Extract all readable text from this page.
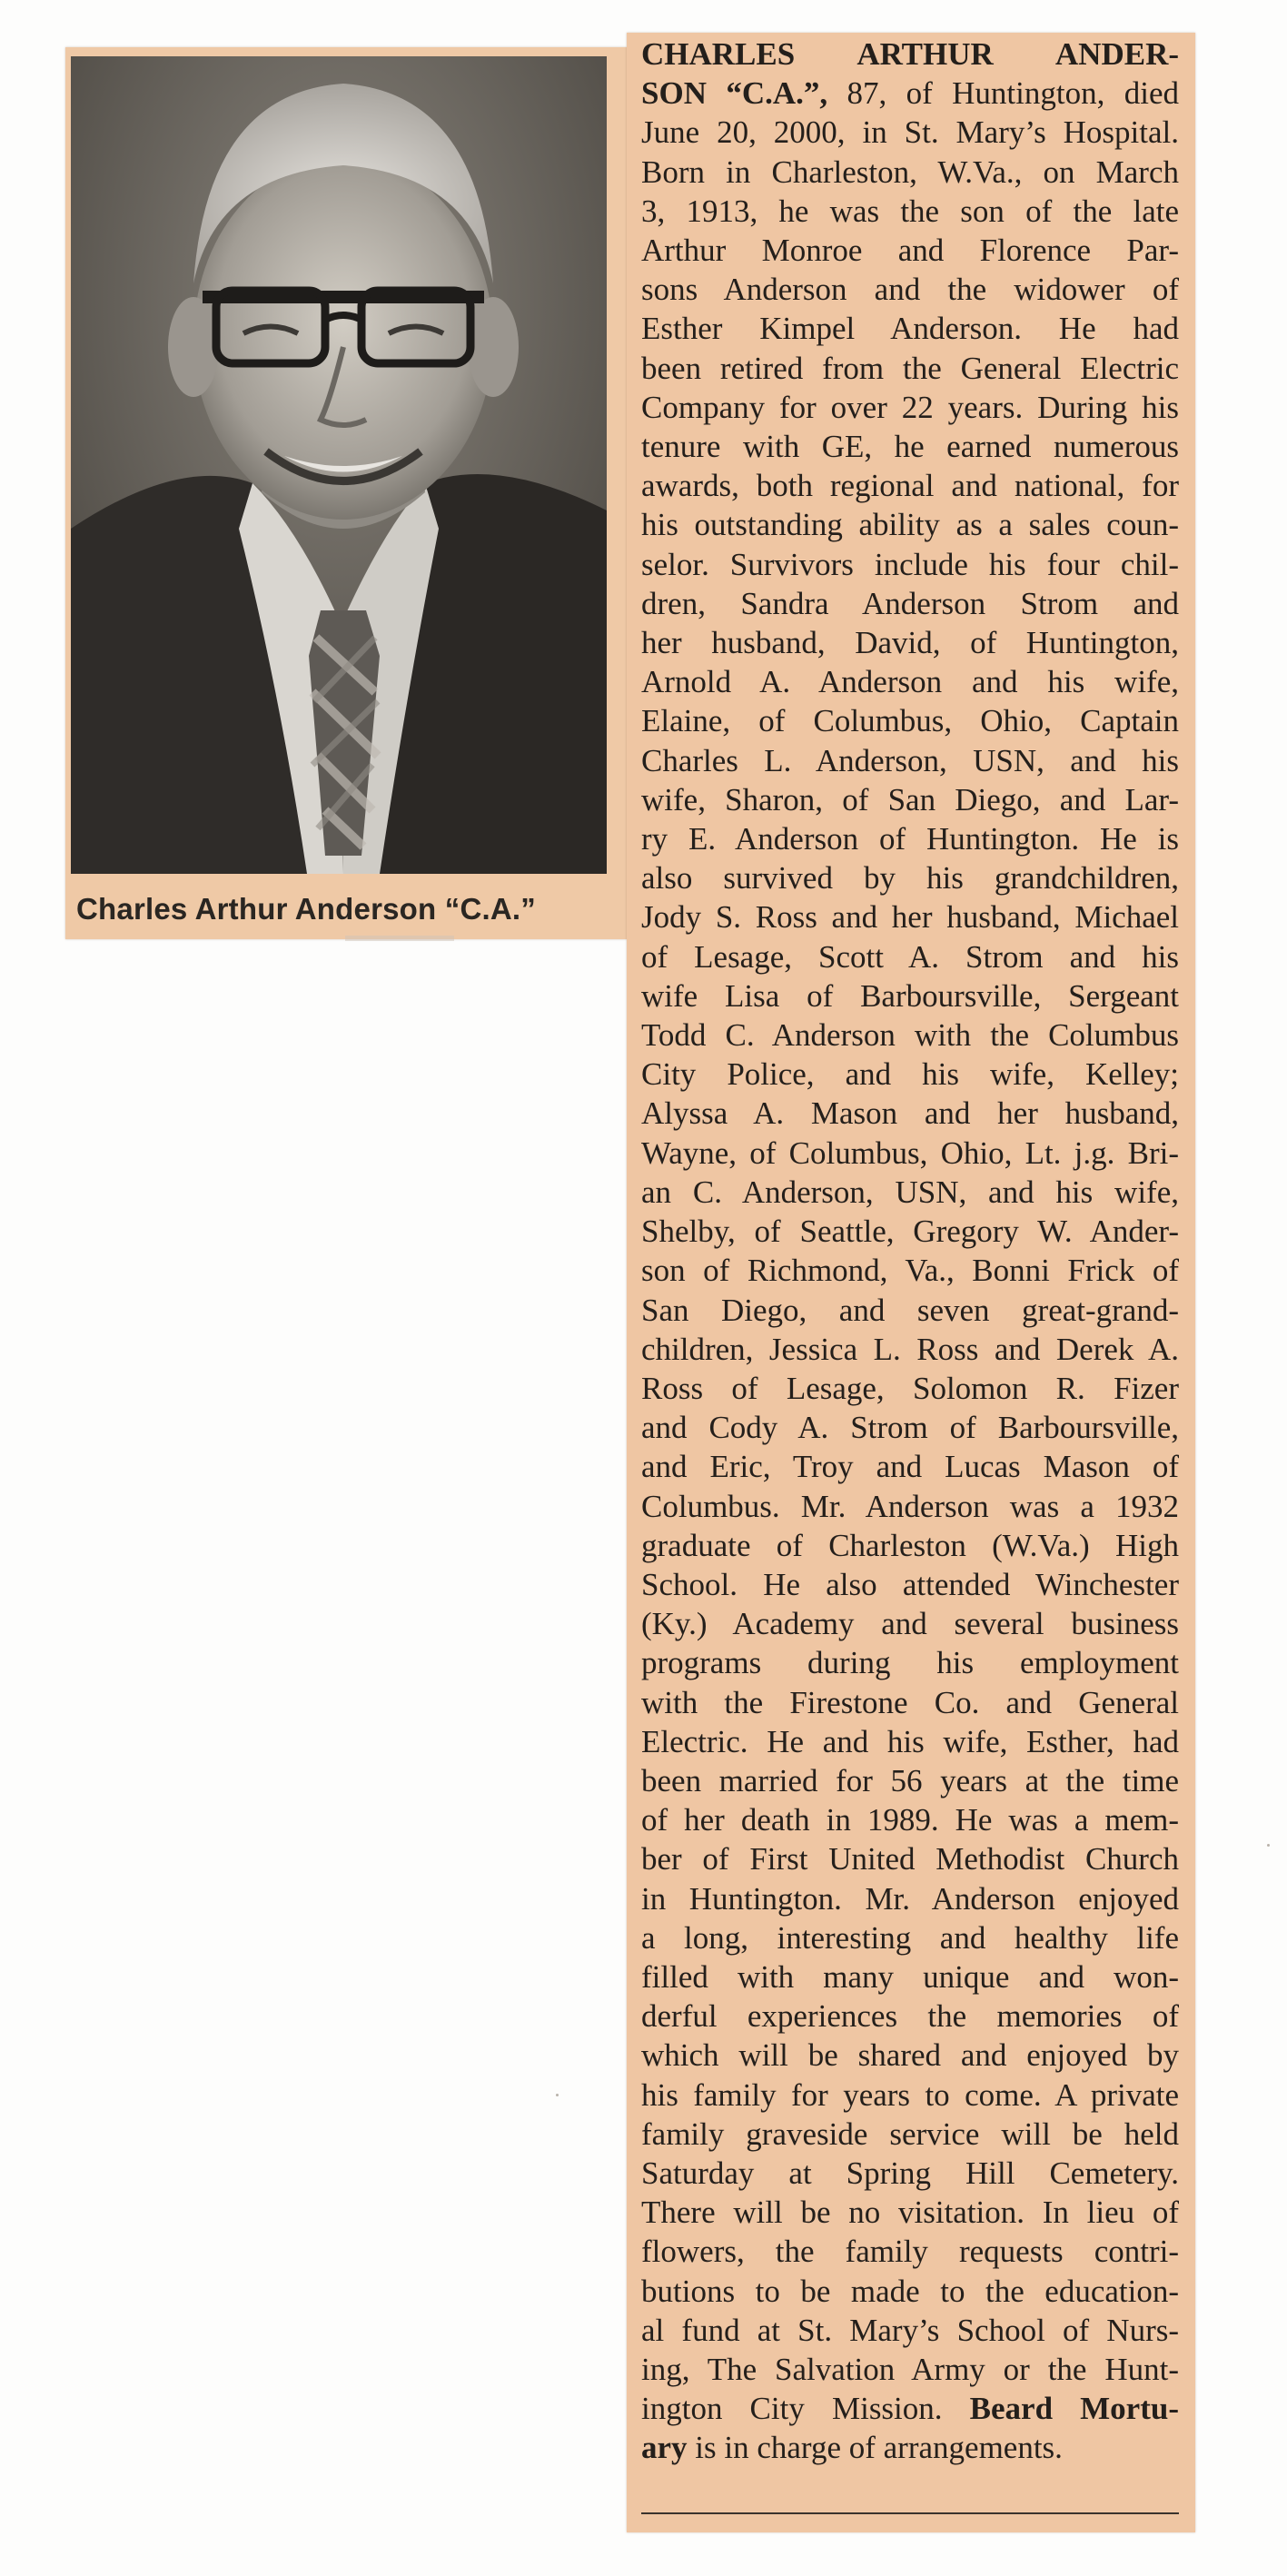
Charles Arthur Anderson “C.A.”
CHARLES ARTHUR ANDER-
SON “C.A.”, 87, of Huntington, died
June 20, 2000, in St. Mary’s Hospital.
Born in Charleston, W.Va., on March
3, 1913, he was the son of the late
Arthur Monroe and Florence Par-
sons Anderson and the widower of
Esther Kimpel Anderson. He had
been retired from the General Electric
Company for over 22 years. During his
tenure with GE, he earned numerous
awards, both regional and national, for
his outstanding ability as a sales coun-
selor. Survivors include his four chil-
dren, Sandra Anderson Strom and
her husband, David, of Huntington,
Arnold A. Anderson and his wife,
Elaine, of Columbus, Ohio, Captain
Charles L. Anderson, USN, and his
wife, Sharon, of San Diego, and Lar-
ry E. Anderson of Huntington. He is
also survived by his grandchildren,
Jody S. Ross and her husband, Michael
of Lesage, Scott A. Strom and his
wife Lisa of Barboursville, Sergeant
Todd C. Anderson with the Columbus
City Police, and his wife, Kelley;
Alyssa A. Mason and her husband,
Wayne, of Columbus, Ohio, Lt. j.g. Bri-
an C. Anderson, USN, and his wife,
Shelby, of Seattle, Gregory W. Ander-
son of Richmond, Va., Bonni Frick of
San Diego, and seven great-grand-
children, Jessica L. Ross and Derek A.
Ross of Lesage, Solomon R. Fizer
and Cody A. Strom of Barboursville,
and Eric, Troy and Lucas Mason of
Columbus. Mr. Anderson was a 1932
graduate of Charleston (W.Va.) High
School. He also attended Winchester
(Ky.) Academy and several business
programs during his employment
with the Firestone Co. and General
Electric. He and his wife, Esther, had
been married for 56 years at the time
of her death in 1989. He was a mem-
ber of First United Methodist Church
in Huntington. Mr. Anderson enjoyed
a long, interesting and healthy life
filled with many unique and won-
derful experiences the memories of
which will be shared and enjoyed by
his family for years to come. A private
family graveside service will be held
Saturday at Spring Hill Cemetery.
There will be no visitation. In lieu of
flowers, the family requests contri-
butions to be made to the education-
al fund at St. Mary’s School of Nurs-
ing, The Salvation Army or the Hunt-
ington City Mission. Beard Mortu-
ary is in charge of arrangements.
